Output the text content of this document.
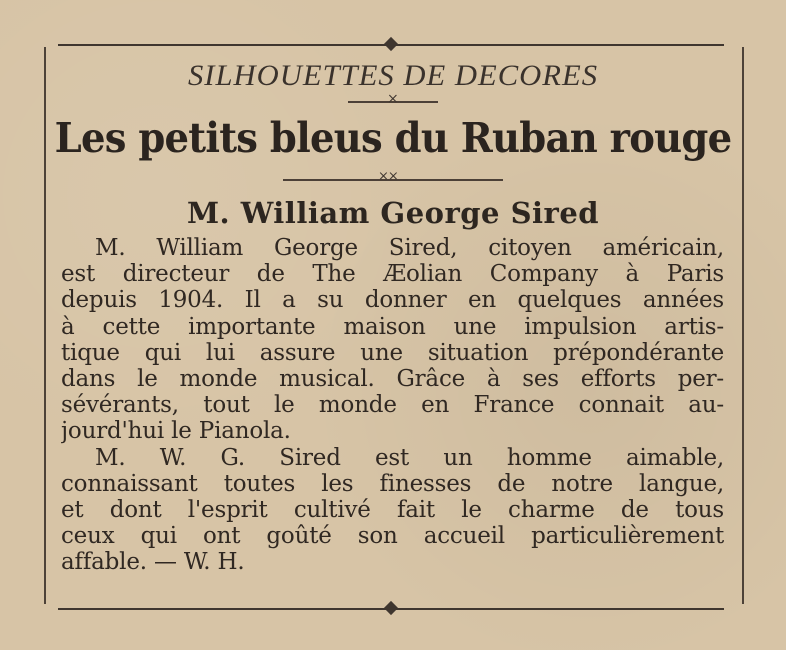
SILHOUETTES DE DECORES
×
Les petits bleus du Ruban rouge
××
M. William George Sired
M. William George Sired, citoyen américain,
est directeur de The Æolian Company à Paris
depuis 1904. Il a su donner en quelques années
à cette importante maison une impulsion artis-
tique qui lui assure une situation prépondérante
dans le monde musical. Grâce à ses efforts per-
sévérants, tout le monde en France connait au-
jourd'hui le Pianola.
M. W. G. Sired est un homme aimable,
connaissant toutes les finesses de notre langue,
et dont l'esprit cultivé fait le charme de tous
ceux qui ont goûté son accueil particulièrement
affable. — W. H.
